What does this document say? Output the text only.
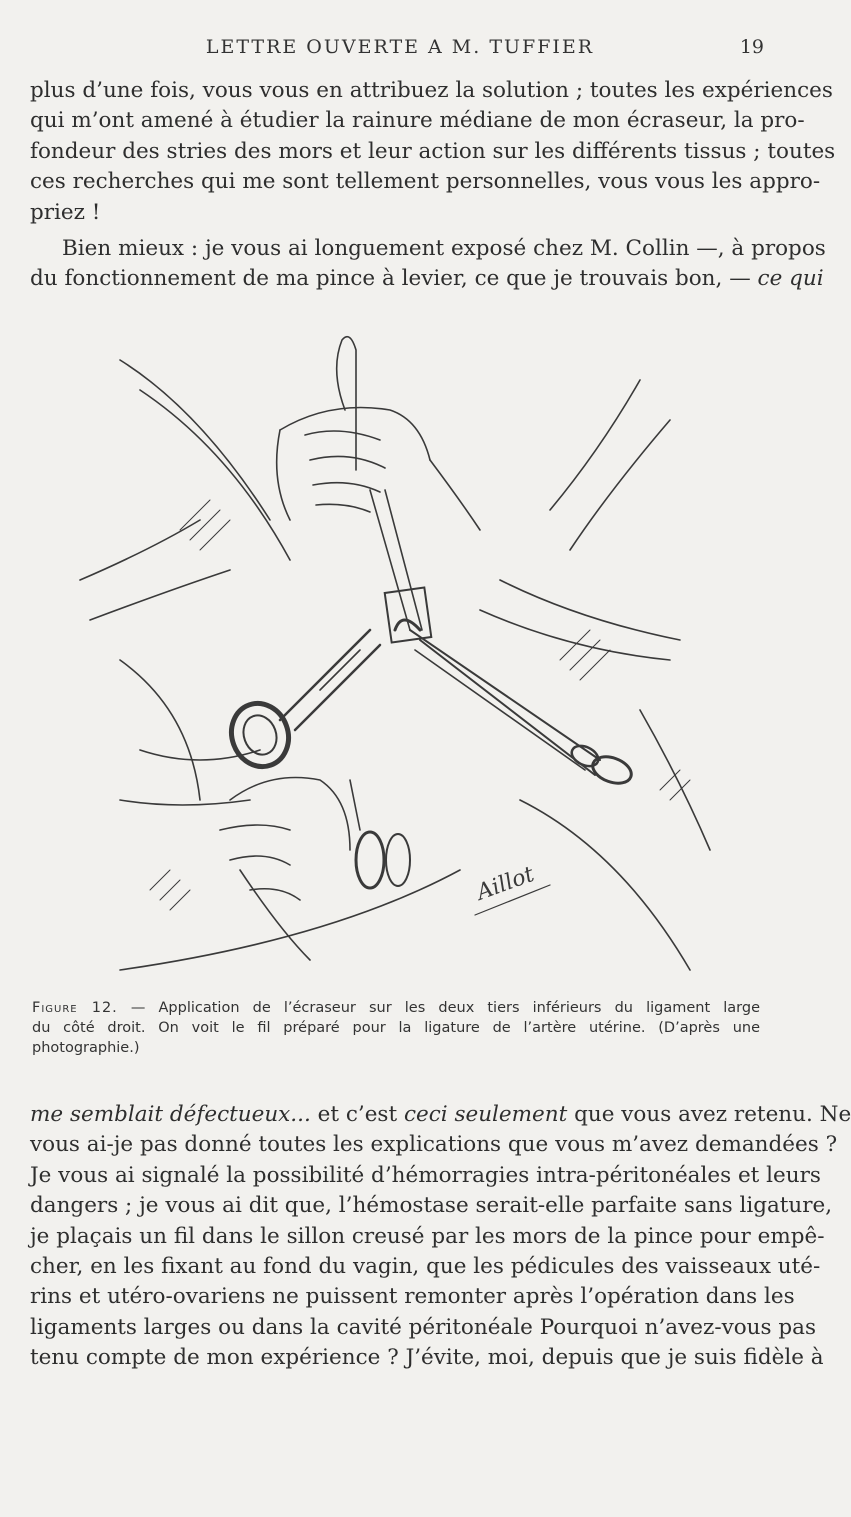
LETTRE OUVERTE A M. TUFFIER	19
plus d’une fois, vous vous en attribuez la solution ; toutes les expériences
qui m’ont amené à étudier la rainure médiane de mon écraseur, la pro-
fondeur des stries des mors et leur action sur les différents tissus ; toutes
ces recherches qui me sont tellement personnelles, vous vous les appro-
priez !
Bien mieux : je vous ai longuement exposé chez M. Collin —, à propos
du fonctionnement de ma pince à levier, ce que je trouvais bon, — ce qui
Aillot
Figure 12. — Application de l’écraseur sur les deux tiers inférieurs du ligament large
du côté droit. On voit le fil préparé pour la ligature de l’artère utérine. (D’après une
photographie.)
me semblait défectueux... et c’est ceci seulement que vous avez retenu. Ne
vous ai-je pas donné toutes les explications que vous m’avez demandées ?
Je vous ai signalé la possibilité d’hémorragies intra-péritonéales et leurs
dangers ; je vous ai dit que, l’hémostase serait-elle parfaite sans ligature,
je plaçais un fil dans le sillon creusé par les mors de la pince pour empê-
cher, en les fixant au fond du vagin, que les pédicules des vaisseaux uté-
rins et utéro-ovariens ne puissent remonter après l’opération dans les
ligaments larges ou dans la cavité péritonéale Pourquoi n’avez-vous pas
tenu compte de mon expérience ? J’évite, moi, depuis que je suis fidèle à
